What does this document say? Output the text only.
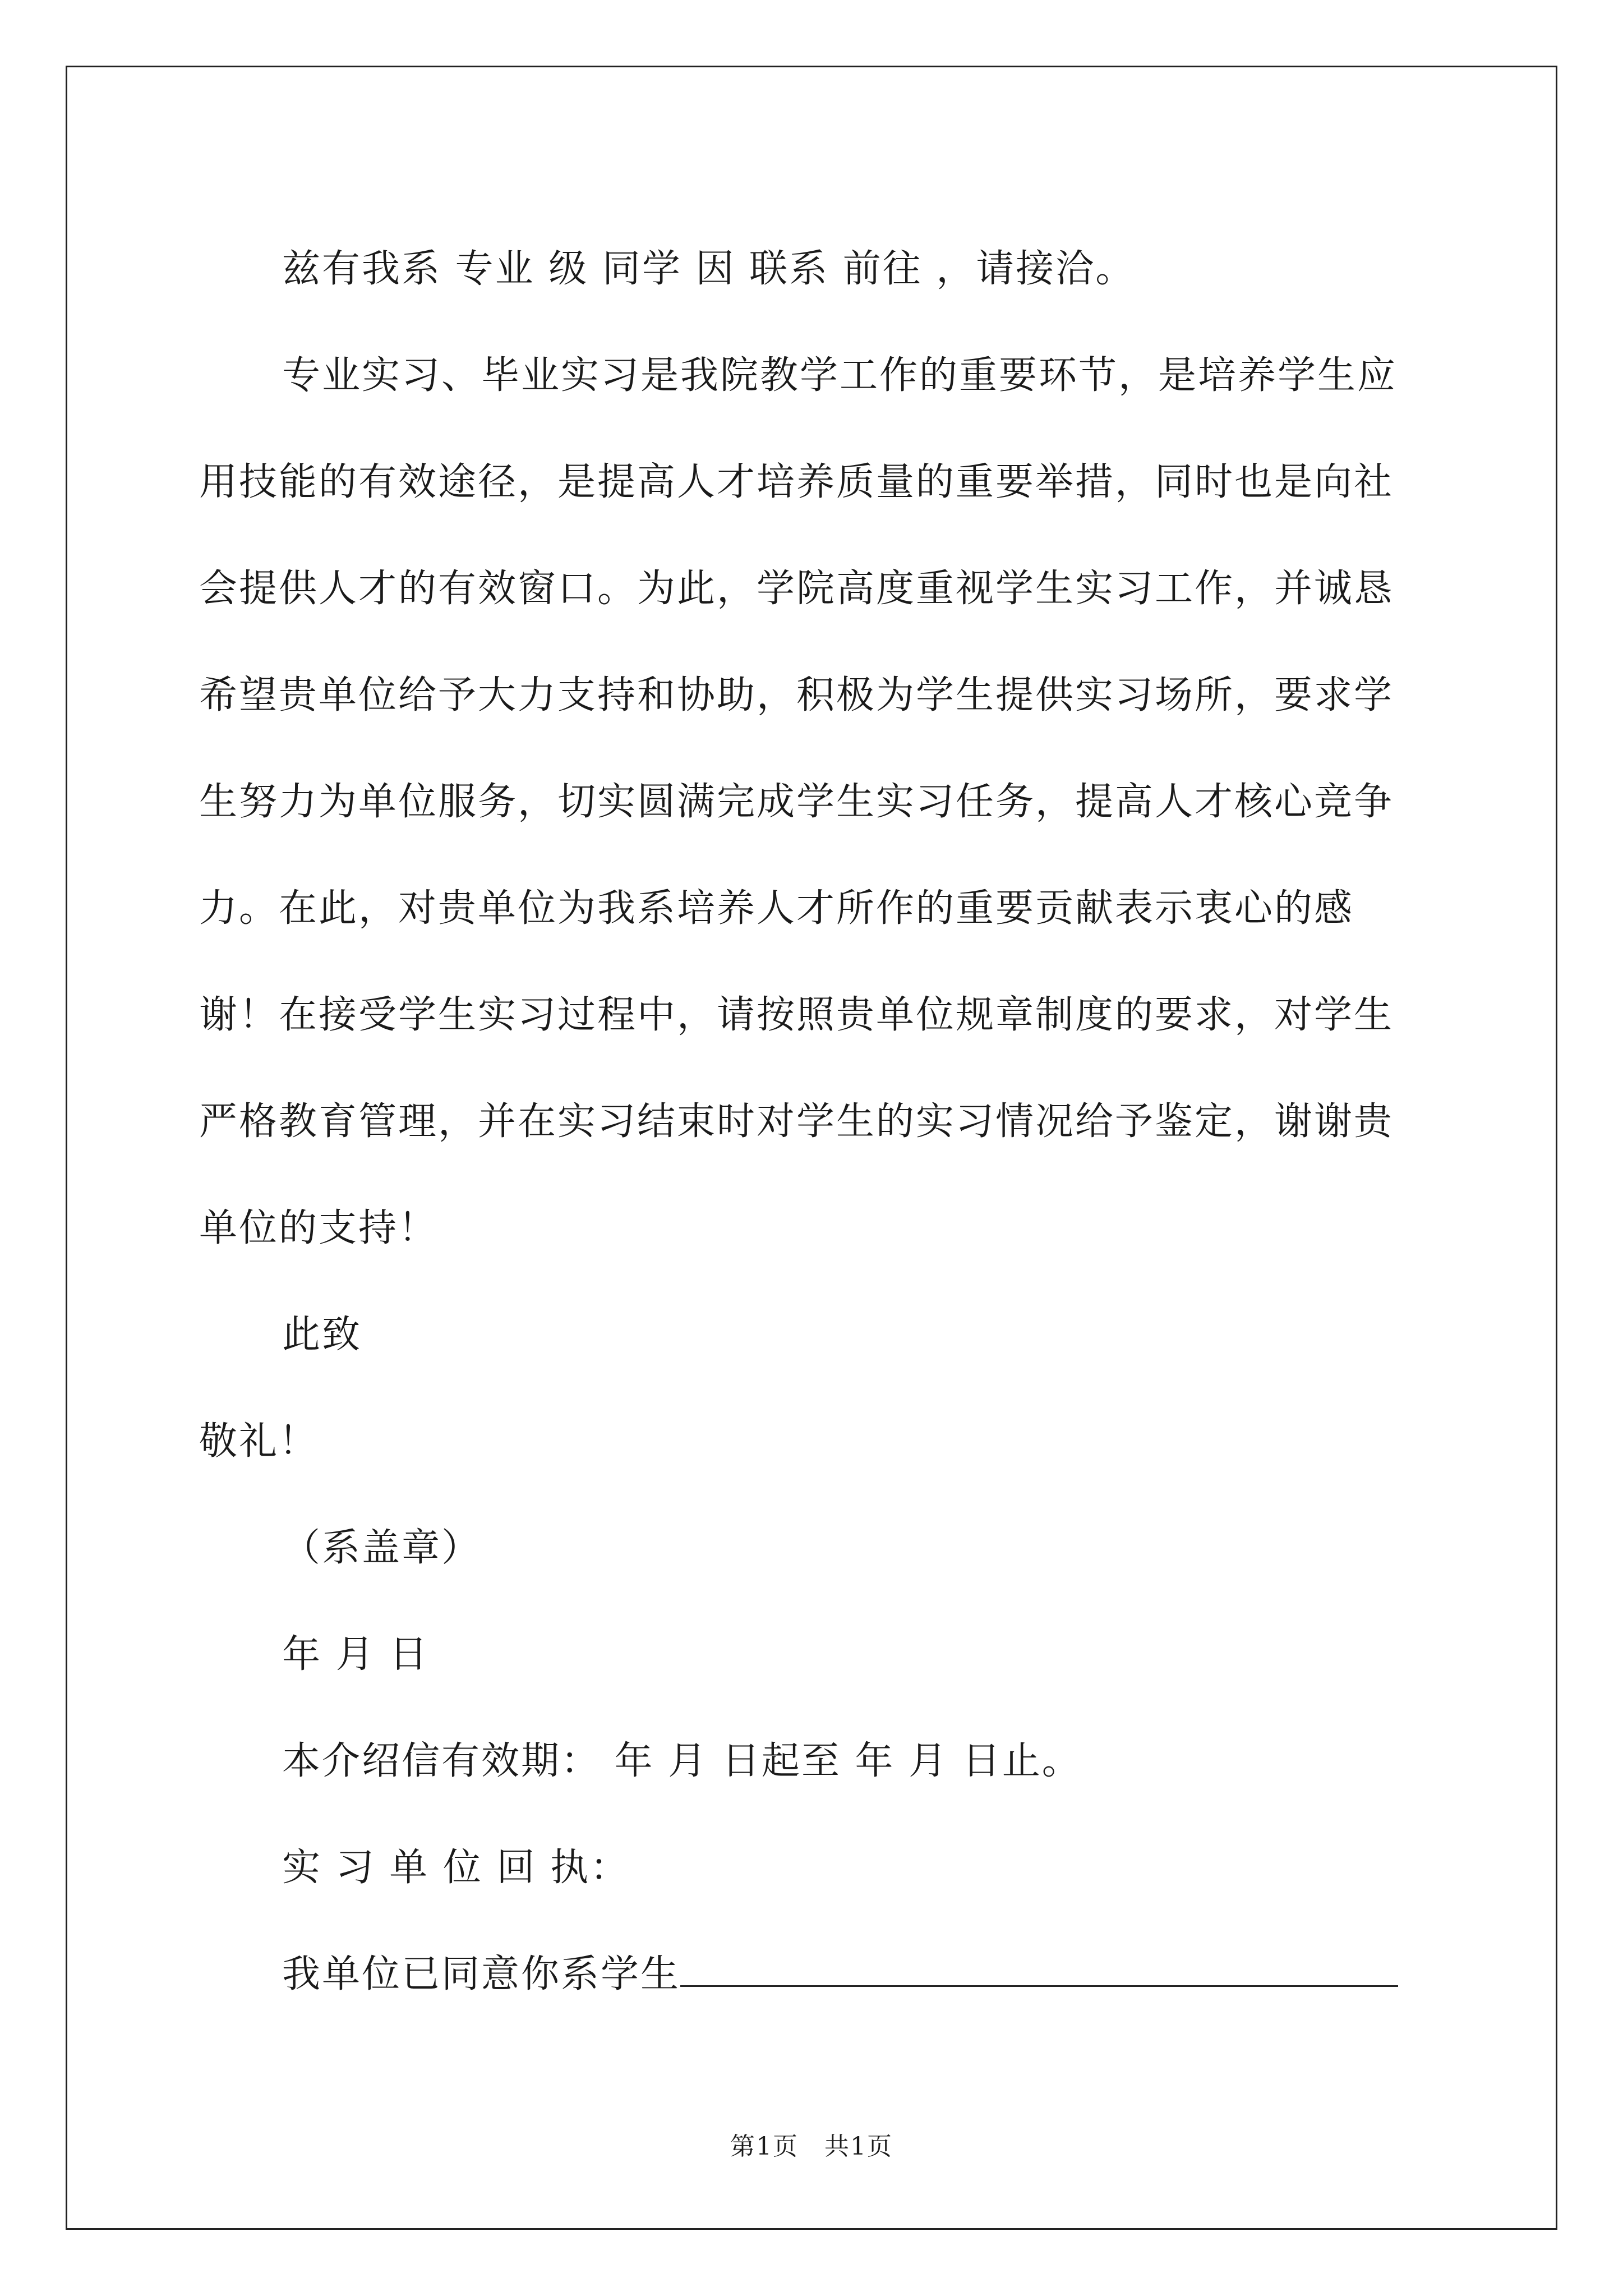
兹有我系 专业 级 同学 因 联系 前往 ，请接洽。

专业实习、毕业实习是我院教学工作的重要环节，是培养学生应用技能的有效途径，是提高人才培养质量的重要举措，同时也是向社会提供人才的有效窗口。为此，学院高度重视学生实习工作，并诚恳希望贵单位给予大力支持和协助，积极为学生提供实习场所，要求学生努力为单位服务，切实圆满完成学生实习任务，提高人才核心竞争力。在此，对贵单位为我系培养人才所作的重要贡献表示衷心的感谢！在接受学生实习过程中，请按照贵单位规章制度的要求，对学生严格教育管理，并在实习结束时对学生的实习情况给予鉴定，谢谢贵单位的支持！

此致

敬礼！

（系盖章）

年 月 日

本介绍信有效期： 年 月 日起至 年 月 日止。

实 习 单 位 回 执：

我单位已同意你系学生

第1页　共1页
